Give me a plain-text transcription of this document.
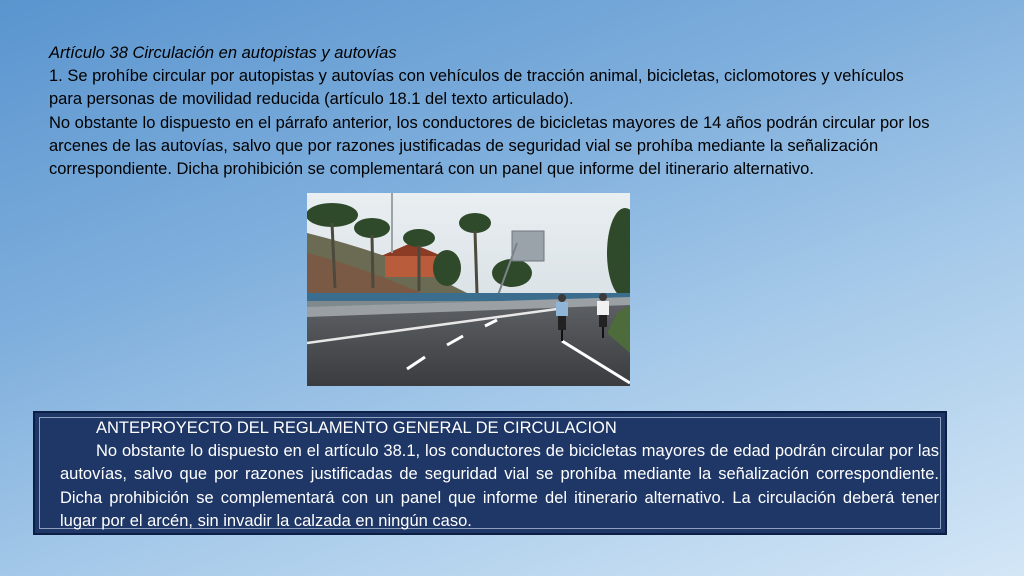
Artículo 38 Circulación en autopistas y autovías
1. Se prohíbe circular por autopistas y autovías con vehículos de tracción animal, bicicletas, ciclomotores y vehículos para personas de movilidad reducida (artículo 18.1 del texto articulado).
No obstante lo dispuesto en el párrafo anterior, los conductores de bicicletas mayores de 14 años podrán circular por los arcenes de las autovías, salvo que por razones justificadas de seguridad vial se prohíba mediante la señalización correspondiente. Dicha prohibición se complementará con un panel que informe del itinerario alternativo.
ANTEPROYECTO DEL REGLAMENTO GENERAL DE CIRCULACION
No obstante lo dispuesto en el artículo 38.1, los conductores de bicicletas mayores de edad podrán circular por las autovías, salvo que por razones justificadas de seguridad vial se prohíba mediante la señalización correspondiente. Dicha prohibición se complementará con un panel que informe del itinerario alternativo. La circulación deberá tener lugar por el arcén, sin invadir la calzada en ningún caso.
